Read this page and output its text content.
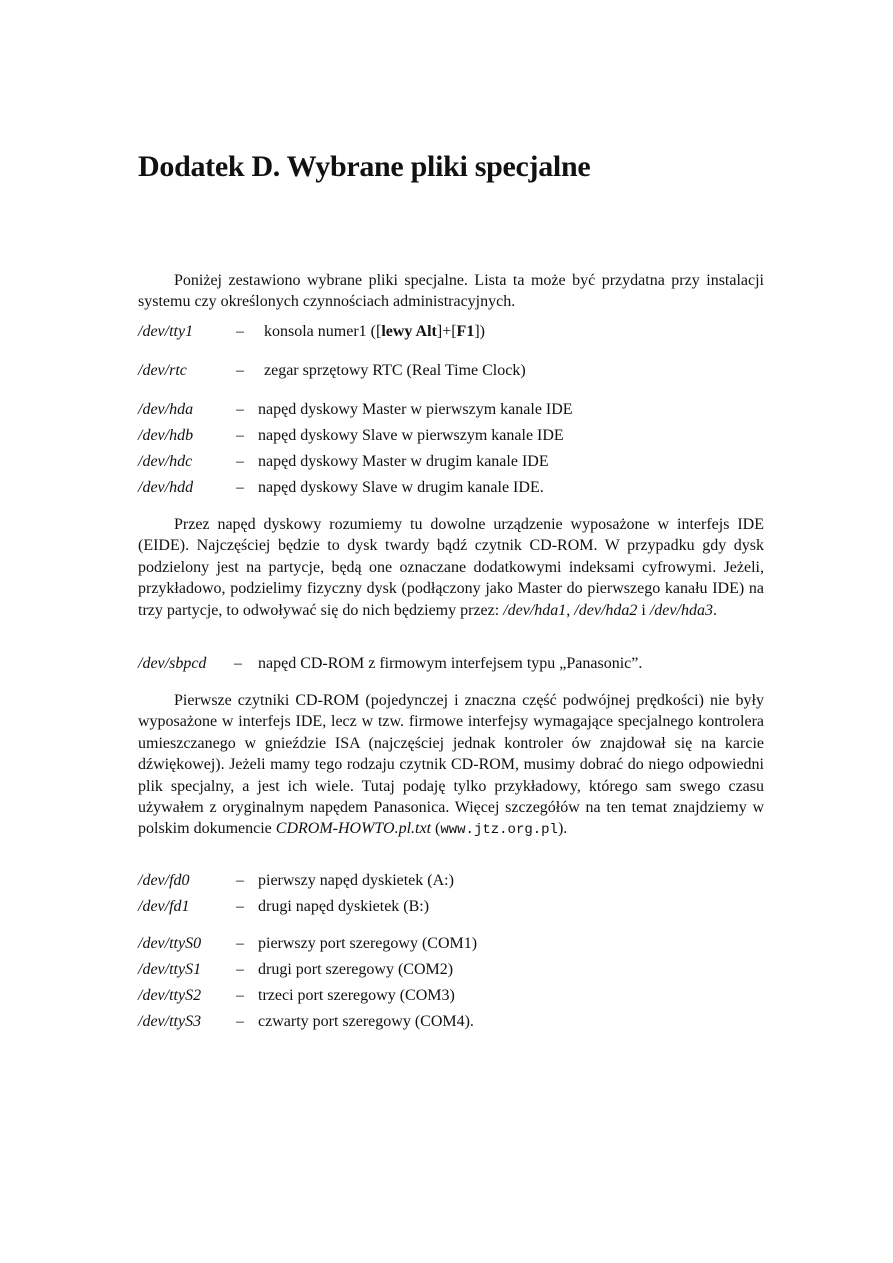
Dodatek D. Wybrane pliki specjalne

Poniżej zestawiono wybrane pliki specjalne. Lista ta może być przydatna przy instalacji systemu czy określonych czynnościach administracyjnych.

/dev/tty1	– konsola numer1 ([lewy Alt]+[F1])
/dev/rtc	– zegar sprzętowy RTC (Real Time Clock)
/dev/hda	– napęd dyskowy Master w pierwszym kanale IDE
/dev/hdb	– napęd dyskowy Slave w pierwszym kanale IDE
/dev/hdc	– napęd dyskowy Master w drugim kanale IDE
/dev/hdd	– napęd dyskowy Slave w drugim kanale IDE.

Przez napęd dyskowy rozumiemy tu dowolne urządzenie wyposażone w interfejs IDE (EIDE). Najczęściej będzie to dysk twardy bądź czytnik CD-ROM. W przypadku gdy dysk podzielony jest na partycje, będą one oznaczane dodatkowymi indeksami cyfrowymi. Jeżeli, przykładowo, podzielimy fizyczny dysk (podłączony jako Master do pierwszego kanału IDE) na trzy partycje, to odwoływać się do nich będziemy przez: /dev/hda1, /dev/hda2 i /dev/hda3.

/dev/sbpcd – napęd CD-ROM z firmowym interfejsem typu „Panasonic”.

Pierwsze czytniki CD-ROM (pojedynczej i znaczna część podwójnej prędkości) nie były wyposażone w interfejs IDE, lecz w tzw. firmowe interfejsy wymagające specjalnego kontrolera umieszczanego w gnieździe ISA (najczęściej jednak kontroler ów znajdował się na karcie dźwiękowej). Jeżeli mamy tego rodzaju czytnik CD-ROM, musimy dobrać do niego odpowiedni plik specjalny, a jest ich wiele. Tutaj podaję tylko przykładowy, którego sam swego czasu używałem z oryginalnym napędem Panasonica. Więcej szczegółów na ten temat znajdziemy w polskim dokumencie CDROM-HOWTO.pl.txt (www.jtz.org.pl).

/dev/fd0	– pierwszy napęd dyskietek (A:)
/dev/fd1	– drugi napęd dyskietek (B:)
/dev/ttyS0 – pierwszy port szeregowy (COM1)
/dev/ttyS1 – drugi port szeregowy (COM2)
/dev/ttyS2 – trzeci port szeregowy (COM3)
/dev/ttyS3 – czwarty port szeregowy (COM4).
